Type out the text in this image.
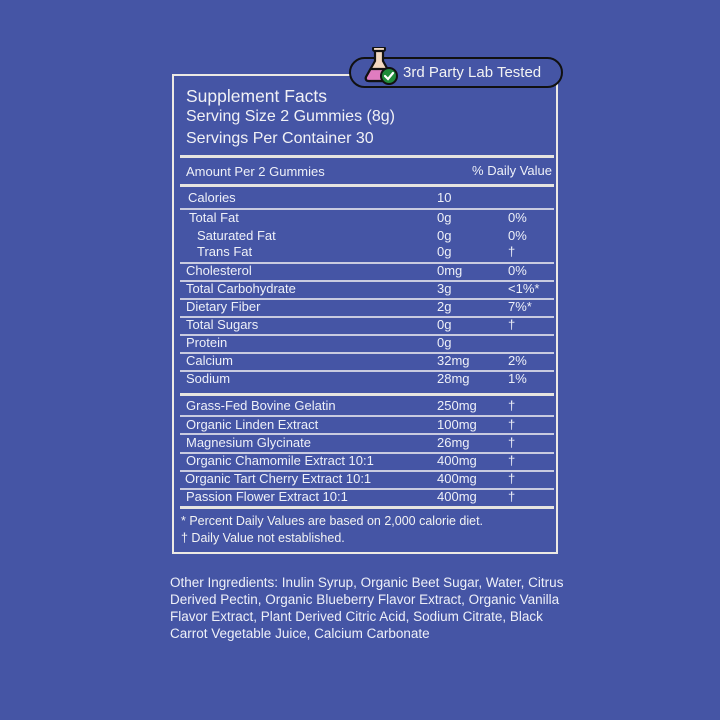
3rd Party Lab Tested
Supplement Facts
Serving Size 2 Gummies (8g)
Servings Per Container 30
Amount Per 2 Gummies	% Daily Value
Calories	10
Total Fat	0g	0%
Saturated Fat	0g	0%
Trans Fat	0g	†
Cholesterol	0mg	0%
Total Carbohydrate	3g	<1%*
Dietary Fiber	2g	7%*
Total Sugars	0g	†
Protein	0g
Calcium	32mg	2%
Sodium	28mg	1%
Grass-Fed Bovine Gelatin	250mg †
Organic Linden Extract	100mg †
Magnesium Glycinate	26mg	†
Organic Chamomile Extract 10:1	400mg †
Organic Tart Cherry Extract 10:1	400mg †
Passion Flower Extract 10:1	400mg †
* Percent Daily Values are based on 2,000 calorie diet.
† Daily Value not established.
Other Ingredients: Inulin Syrup, Organic Beet Sugar, Water, Citrus Derived Pectin, Organic Blueberry Flavor Extract, Organic Vanilla Flavor Extract, Plant Derived Citric Acid, Sodium Citrate, Black Carrot Vegetable Juice, Calcium Carbonate
